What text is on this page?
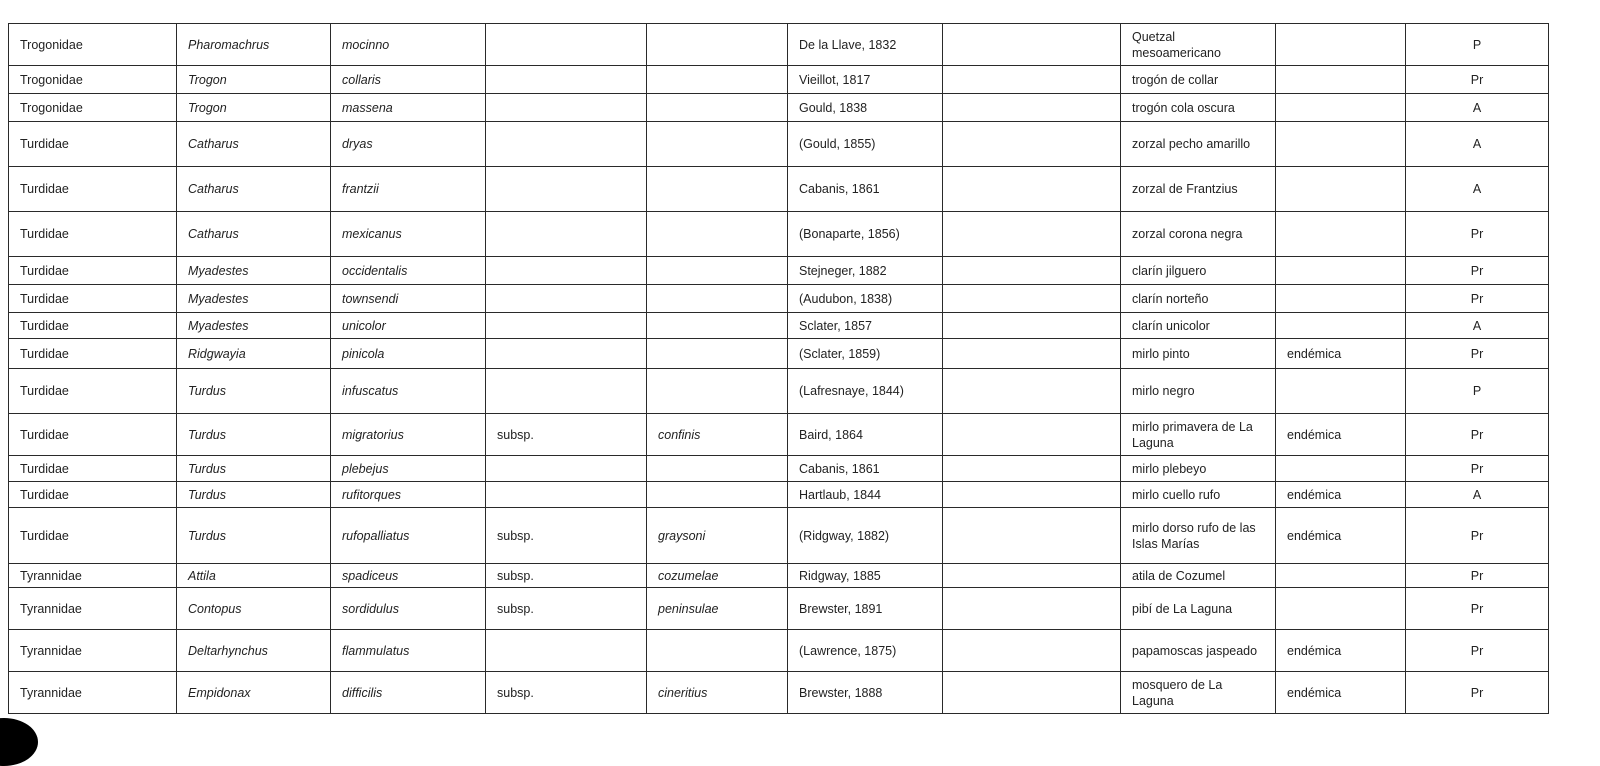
Trogonidae	Pharomachrus	mocinno			De la Llave, 1832		Quetzal mesoamericano		P
Trogonidae	Trogon	collaris			Vieillot, 1817		trogón de collar		Pr
Trogonidae	Trogon	massena			Gould, 1838		trogón cola oscura		A
Turdidae	Catharus	dryas			(Gould, 1855)		zorzal pecho amarillo		A
Turdidae	Catharus	frantzii			Cabanis, 1861		zorzal de Frantzius		A
Turdidae	Catharus	mexicanus			(Bonaparte, 1856)		zorzal corona negra		Pr
Turdidae	Myadestes	occidentalis			Stejneger, 1882		clarín jilguero		Pr
Turdidae	Myadestes	townsendi			(Audubon, 1838)		clarín norteño		Pr
Turdidae	Myadestes	unicolor			Sclater, 1857		clarín unicolor		A
Turdidae	Ridgwayia	pinicola			(Sclater, 1859)		mirlo pinto	endémica	Pr
Turdidae	Turdus	infuscatus			(Lafresnaye, 1844)		mirlo negro		P
Turdidae	Turdus	migratorius	subsp.	confinis	Baird, 1864		mirlo primavera de La Laguna	endémica	Pr
Turdidae	Turdus	plebejus			Cabanis, 1861		mirlo plebeyo		Pr
Turdidae	Turdus	rufitorques			Hartlaub, 1844		mirlo cuello rufo	endémica	A
Turdidae	Turdus	rufopalliatus	subsp.	graysoni	(Ridgway, 1882)		mirlo dorso rufo de las Islas Marías	endémica	Pr
Tyrannidae	Attila	spadiceus	subsp.	cozumelae	Ridgway, 1885		atila de Cozumel		Pr
Tyrannidae	Contopus	sordidulus	subsp.	peninsulae	Brewster, 1891		pibí de La Laguna		Pr
Tyrannidae	Deltarhynchus	flammulatus			(Lawrence, 1875)		papamoscas jaspeado	endémica	Pr
Tyrannidae	Empidonax	difficilis	subsp.	cineritius	Brewster, 1888		mosquero de La Laguna	endémica	Pr
